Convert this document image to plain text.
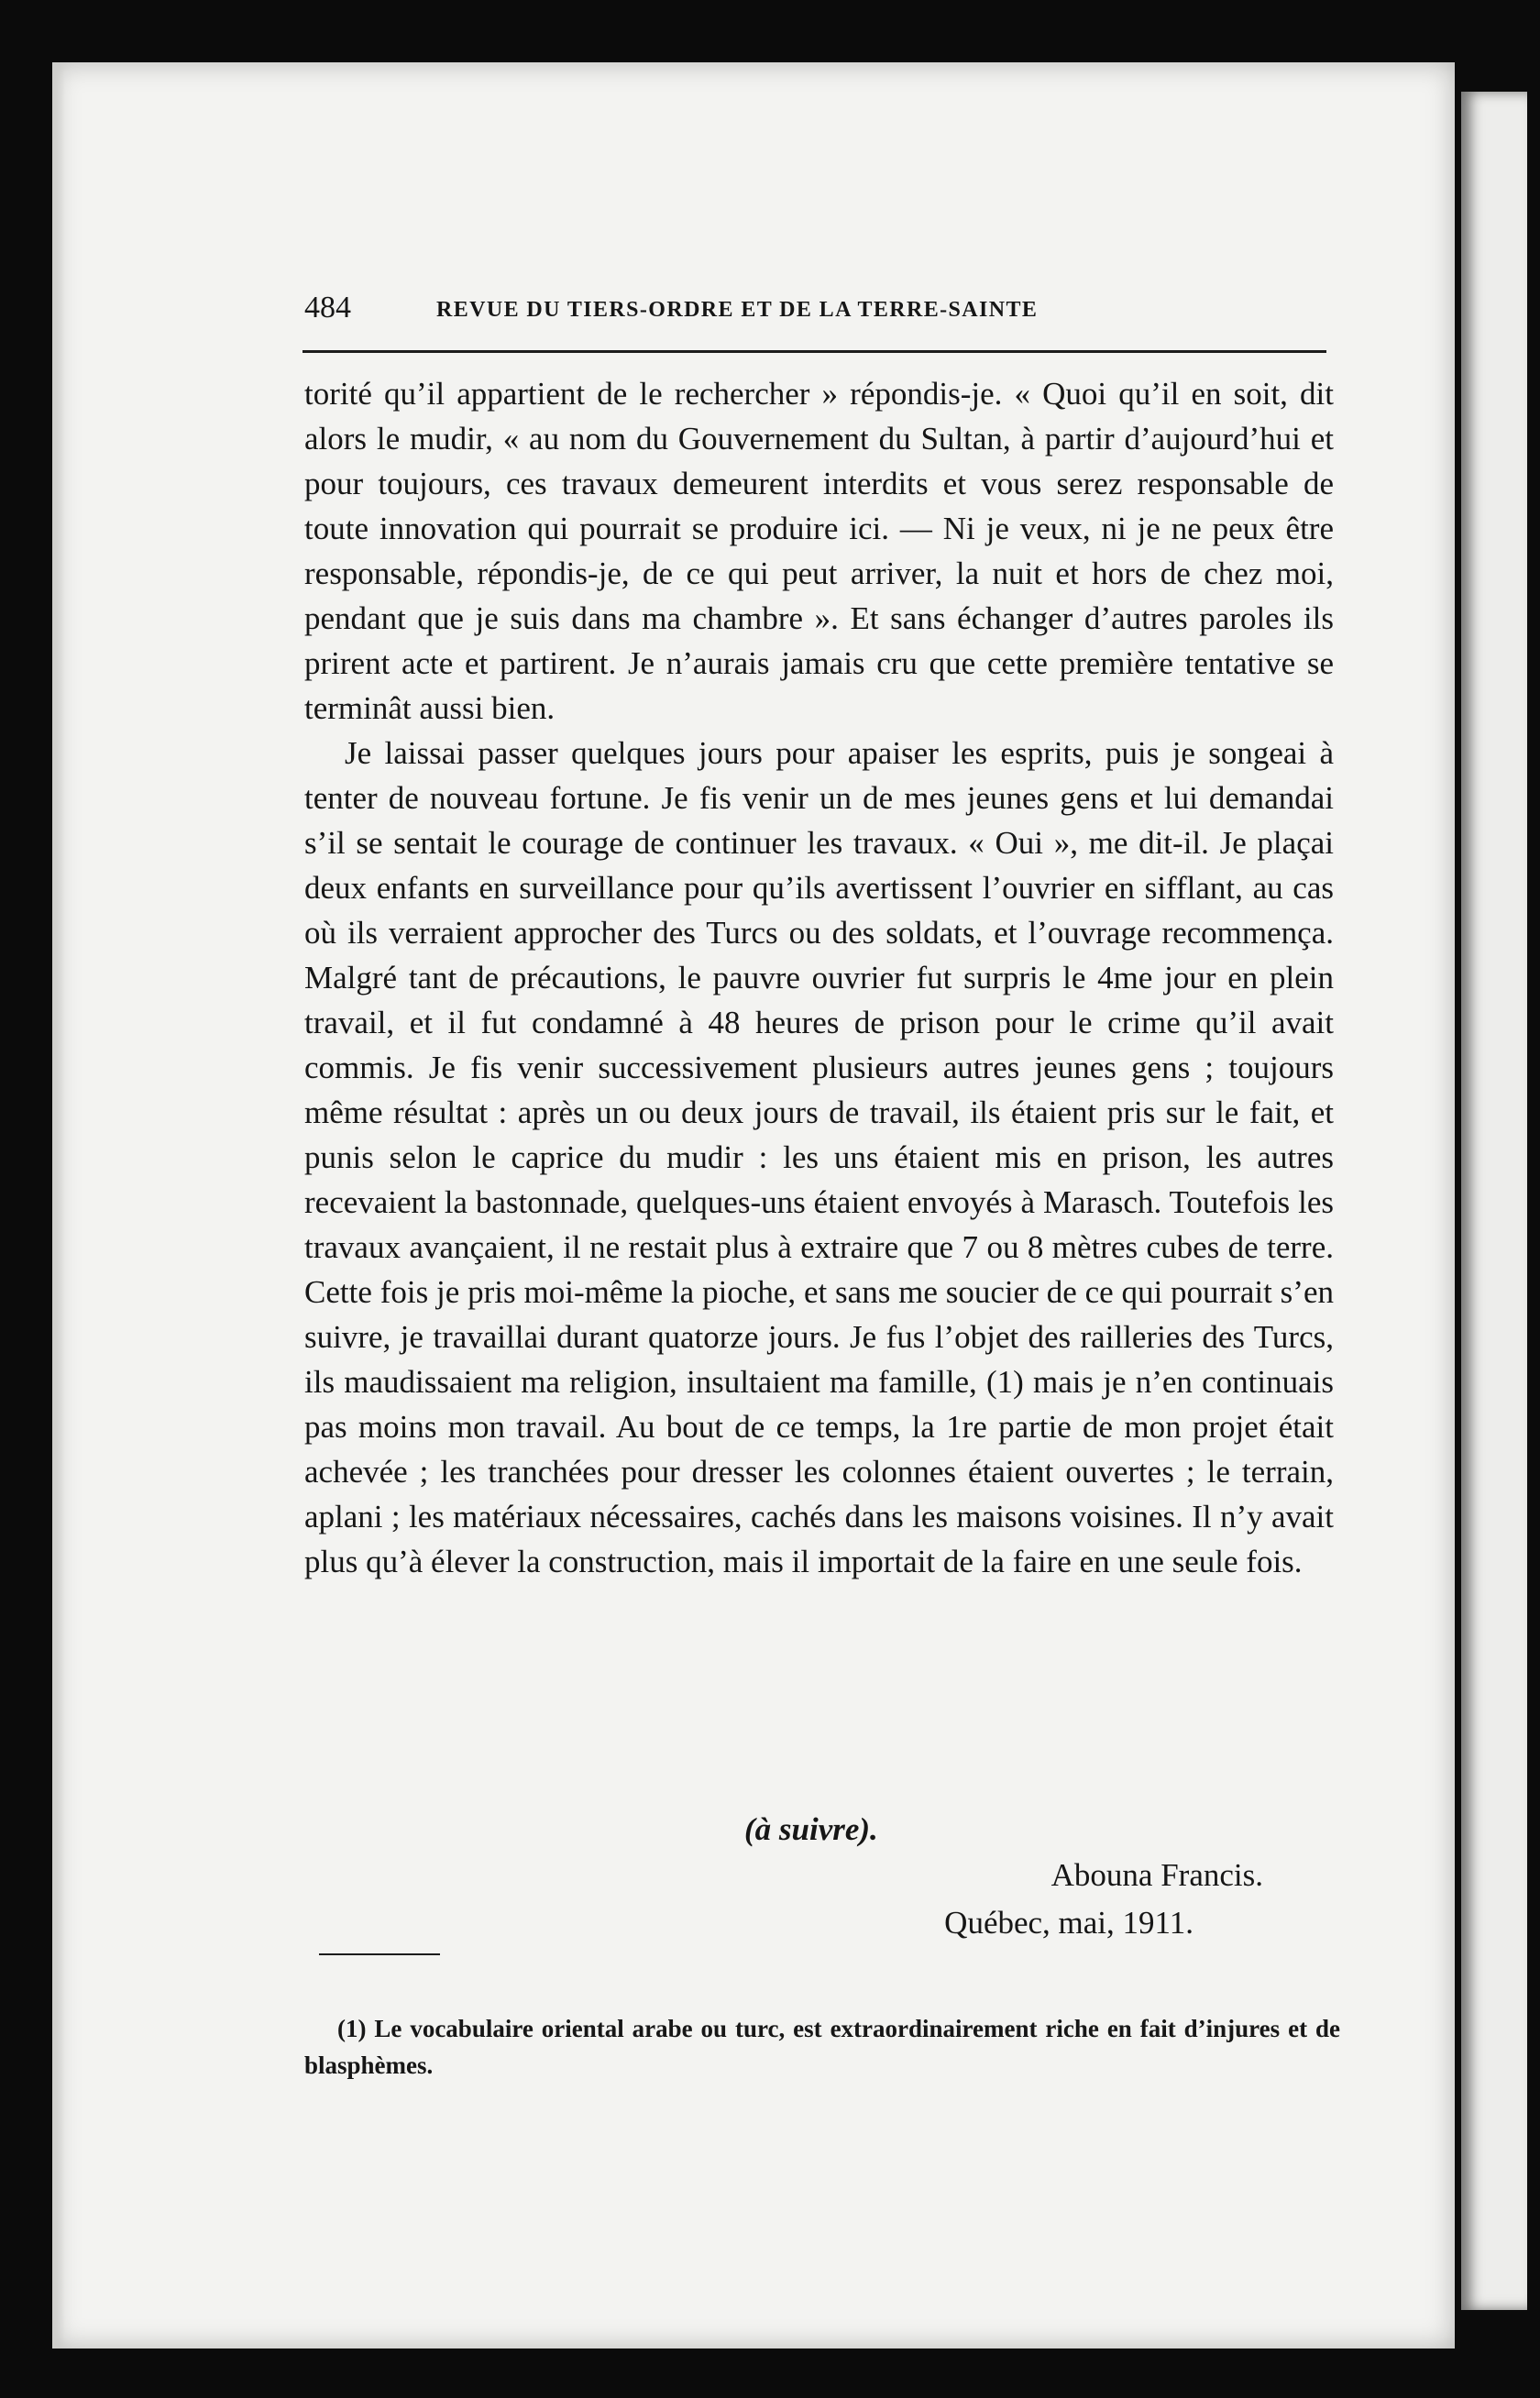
484	REVUE DU TIERS-ORDRE ET DE LA TERRE-SAINTE

torité qu’il appartient de le rechercher » répondis-je. « Quoi qu’il en soit, dit alors le mudir, « au nom du Gouvernement du Sultan, à partir d’aujourd’hui et pour toujours, ces travaux demeurent interdits et vous serez responsable de toute innovation qui pourrait se produire ici. — Ni je veux, ni je ne peux être responsable, répondis-je, de ce qui peut arriver, la nuit et hors de chez moi, pendant que je suis dans ma chambre ». Et sans échanger d’autres paroles ils prirent acte et partirent. Je n’aurais jamais cru que cette première tentative se terminât aussi bien.

Je laissai passer quelques jours pour apaiser les esprits, puis je songeai à tenter de nouveau fortune. Je fis venir un de mes jeunes gens et lui demandai s’il se sentait le courage de continuer les travaux. « Oui », me dit-il. Je plaçai deux enfants en surveillance pour qu’ils avertissent l’ouvrier en sifflant, au cas où ils verraient approcher des Turcs ou des soldats, et l’ouvrage recommença. Malgré tant de précautions, le pauvre ouvrier fut surpris le 4me jour en plein travail, et il fut condamné à 48 heures de prison pour le crime qu’il avait commis. Je fis venir successivement plusieurs autres jeunes gens ; toujours même résultat : après un ou deux jours de travail, ils étaient pris sur le fait, et punis selon le caprice du mudir : les uns étaient mis en prison, les autres recevaient la bastonnade, quelques-uns étaient envoyés à Marasch. Toutefois les travaux avançaient, il ne restait plus à extraire que 7 ou 8 mètres cubes de terre. Cette fois je pris moi-même la pioche, et sans me soucier de ce qui pourrait s’en suivre, je travaillai durant quatorze jours. Je fus l’objet des railleries des Turcs, ils maudissaient ma religion, insultaient ma famille, (1) mais je n’en continuais pas moins mon travail. Au bout de ce temps, la 1re partie de mon projet était achevée ; les tranchées pour dresser les colonnes étaient ouvertes ; le terrain, aplani ; les matériaux nécessaires, cachés dans les maisons voisines. Il n’y avait plus qu’à élever la construction, mais il importait de la faire en une seule fois.

(à suivre).
Abouna Francis.
Québec, mai, 1911.

(1) Le vocabulaire oriental arabe ou turc, est extraordinairement riche en fait d’injures et de blasphèmes.
